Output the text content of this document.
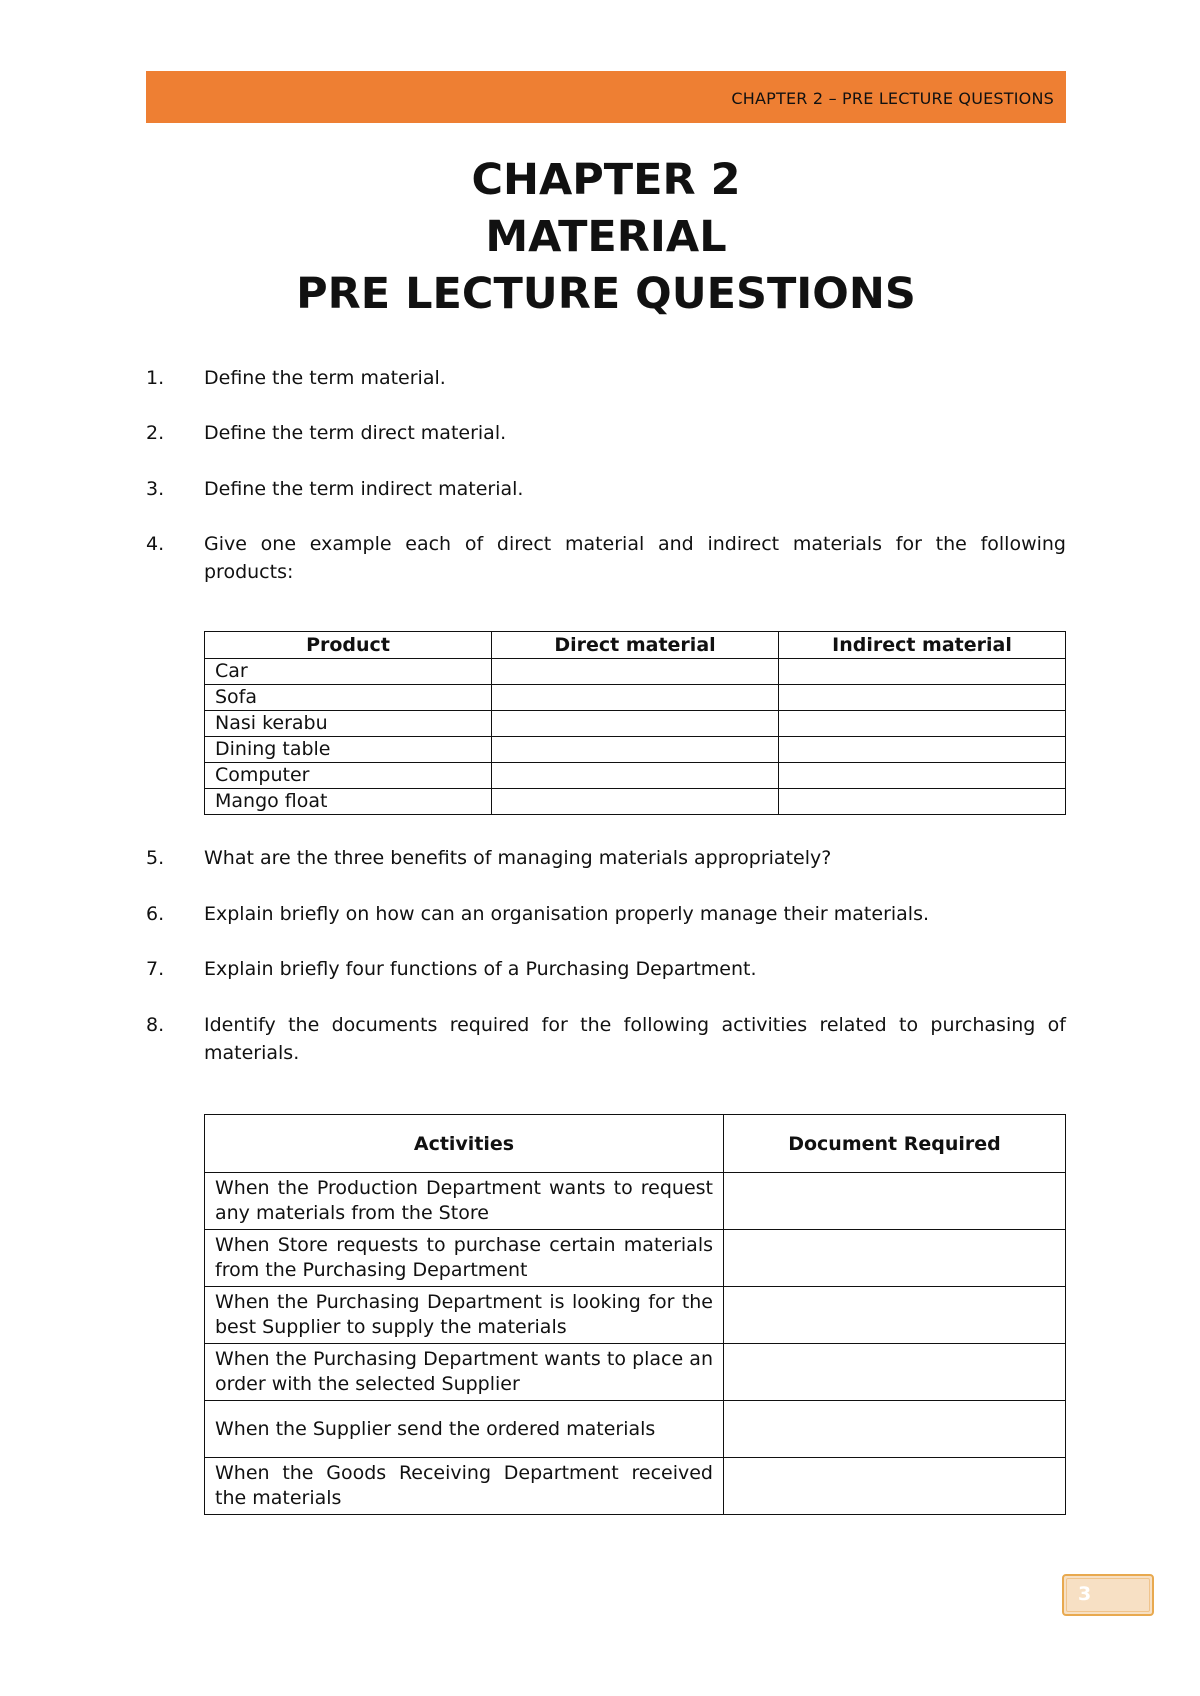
CHAPTER 2 – PRE LECTURE QUESTIONS
CHAPTER 2
MATERIAL
PRE LECTURE QUESTIONS
1. Define the term material.
2. Define the term direct material.
3. Define the term indirect material.
4. Give one example each of direct material and indirect materials for the following products:
Product	Direct material	Indirect material
Car		
Sofa		
Nasi kerabu		
Dining table		
Computer		
Mango float		
5. What are the three benefits of managing materials appropriately?
6. Explain briefly on how can an organisation properly manage their materials.
7. Explain briefly four functions of a Purchasing Department.
8. Identify the documents required for the following activities related to purchasing of materials.
Activities	Document Required
When the Production Department wants to request any materials from the Store	
When Store requests to purchase certain materials from the Purchasing Department	
When the Purchasing Department is looking for the best Supplier to supply the materials	
When the Purchasing Department wants to place an order with the selected Supplier	
When the Supplier send the ordered materials	
When the Goods Receiving Department received the materials	
3
